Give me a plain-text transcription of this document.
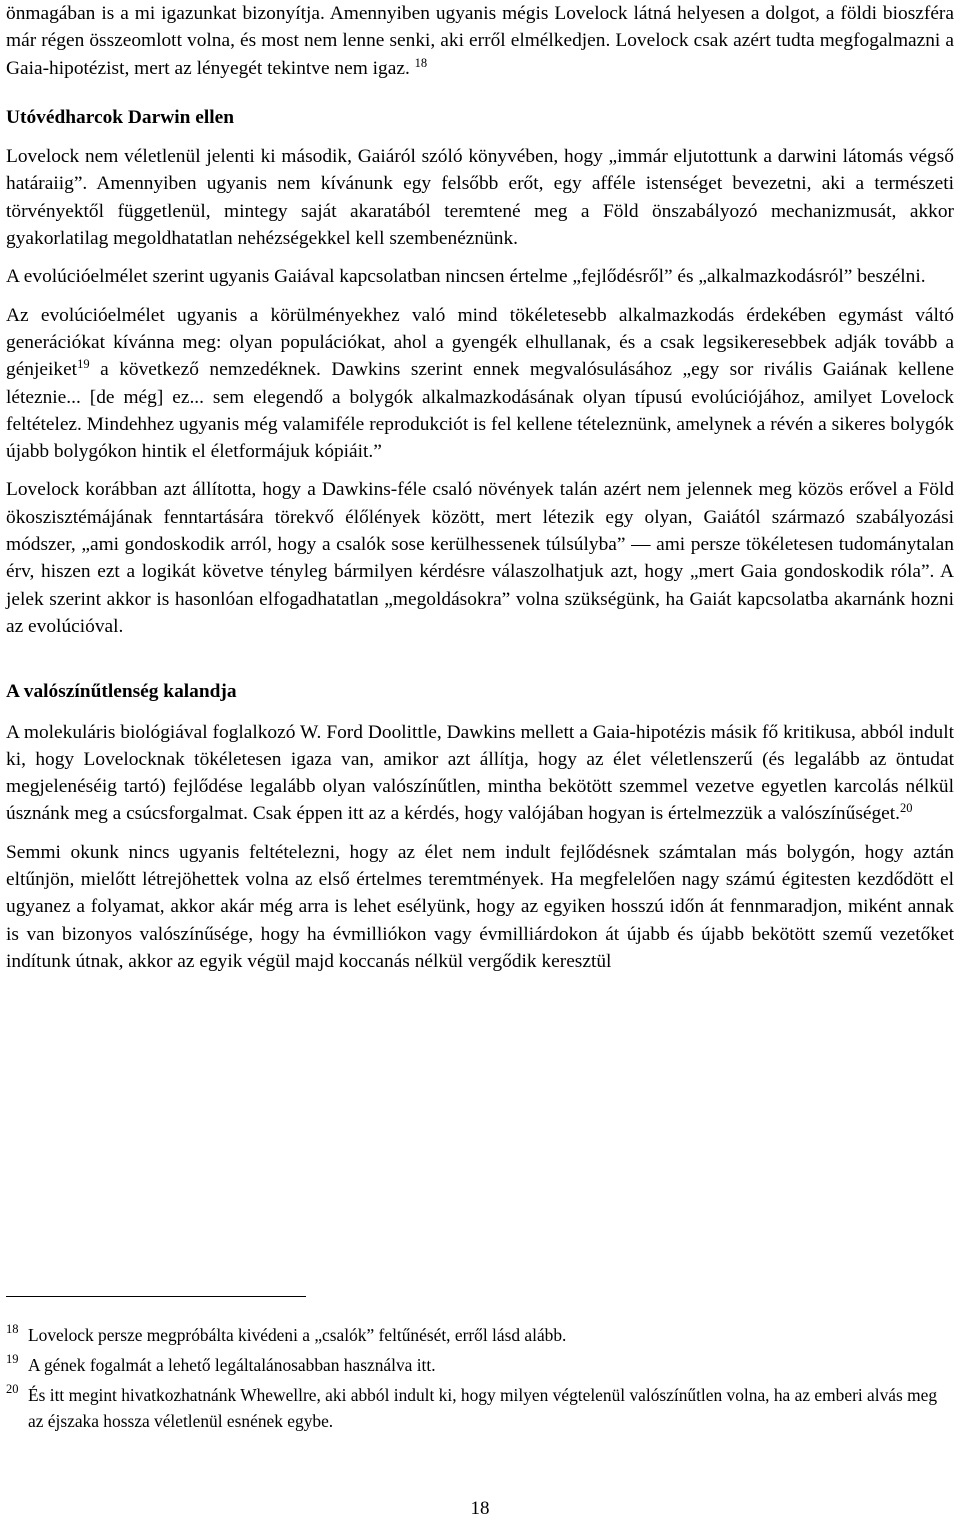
önmagában is a mi igazunkat bizonyítja. Amennyiben ugyanis mégis Lovelock látná helyesen a dolgot, a földi bioszféra már régen összeomlott volna, és most nem lenne senki, aki erről elmélkedjen. Lovelock csak azért tudta megfogalmazni a Gaia-hipotézist, mert az lényegét tekintve nem igaz. $^{18}$

Utóvédharcok Darwin ellen

Lovelock nem véletlenül jelenti ki második, Gaiáról szóló könyvében, hogy „immár eljutottunk a darwini látomás végső határaiig”. Amennyiben ugyanis nem kívánunk egy felsőbb erőt, egy afféle istenséget bevezetni, aki a természeti törvényektől függetlenül, mintegy saját akaratából teremtené meg a Föld önszabályozó mechanizmusát, akkor gyakorlatilag megoldhatatlan nehézségekkel kell szembenéznünk.

A evolúcióelmélet szerint ugyanis Gaiával kapcsolatban nincsen értelme „fejlődésről” és „alkalmazkodásról” beszélni.

Az evolúcióelmélet ugyanis a körülményekhez való mind tökéletesebb alkalmazkodás érdekében egymást váltó generációkat kívánna meg: olyan populációkat, ahol a gyengék elhullanak, és a csak legsikeresebbek adják tovább a génjeiket$^{19}$ a következő nemzedéknek. Dawkins szerint ennek megvalósulásához „egy sor rivális Gaiának kellene léteznie... [de még] ez... sem elegendő a bolygók alkalmazkodásának olyan típusú evolúciójához, amilyet Lovelock feltételez. Mindehhez ugyanis még valamiféle reprodukciót is fel kellene tételeznünk, amelynek a révén a sikeres bolygók újabb bolygókon hintik el életformájuk kópiáit.”

Lovelock korábban azt állította, hogy a Dawkins-féle csaló növények talán azért nem jelennek meg közös erővel a Föld ökoszisztémájának fenntartására törekvő élőlények között, mert létezik egy olyan, Gaiától származó szabályozási módszer, „ami gondoskodik arról, hogy a csalók sose kerülhessenek túlsúlyba” — ami persze tökéletesen tudománytalan érv, hiszen ezt a logikát követve tényleg bármilyen kérdésre válaszolhatjuk azt, hogy „mert Gaia gondoskodik róla”. A jelek szerint akkor is hasonlóan elfogadhatatlan „megoldásokra” volna szükségünk, ha Gaiát kapcsolatba akarnánk hozni az evolúcióval.

A valószínűtlenség kalandja

A molekuláris biológiával foglalkozó W. Ford Doolittle, Dawkins mellett a Gaia-hipotézis másik fő kritikusa, abból indult ki, hogy Lovelocknak tökéletesen igaza van, amikor azt állítja, hogy az élet véletlenszerű (és legalább az öntudat megjelenéséig tartó) fejlődése legalább olyan valószínűtlen, mintha bekötött szemmel vezetve egyetlen karcolás nélkül úsznánk meg a csúcsforgalmat. Csak éppen itt az a kérdés, hogy valójában hogyan is értelmezzük a valószínűséget.$^{20}$

Semmi okunk nincs ugyanis feltételezni, hogy az élet nem indult fejlődésnek számtalan más bolygón, hogy aztán eltűnjön, mielőtt létrejöhettek volna az első értelmes teremtmények. Ha megfelelően nagy számú égitesten kezdődött el ugyanez a folyamat, akkor akár még arra is lehet esélyünk, hogy az egyiken hosszú időn át fennmaradjon, miként annak is van bizonyos valószínűsége, hogy ha évmilliókon vagy évmilliárdokon át újabb és újabb bekötött szemű vezetőket indítunk útnak, akkor az egyik végül majd koccanás nélkül vergődik keresztül

18 Lovelock persze megpróbálta kivédeni a „csalók” feltűnését, erről lásd alább.
19 A gének fogalmát a lehető legáltalánosabban használva itt.
20 És itt megint hivatkozhatnánk Whewellre, aki abból indult ki, hogy milyen végtelenül valószínűtlen volna, ha az emberi alvás meg az éjszaka hossza véletlenül esnének egybe.
18
